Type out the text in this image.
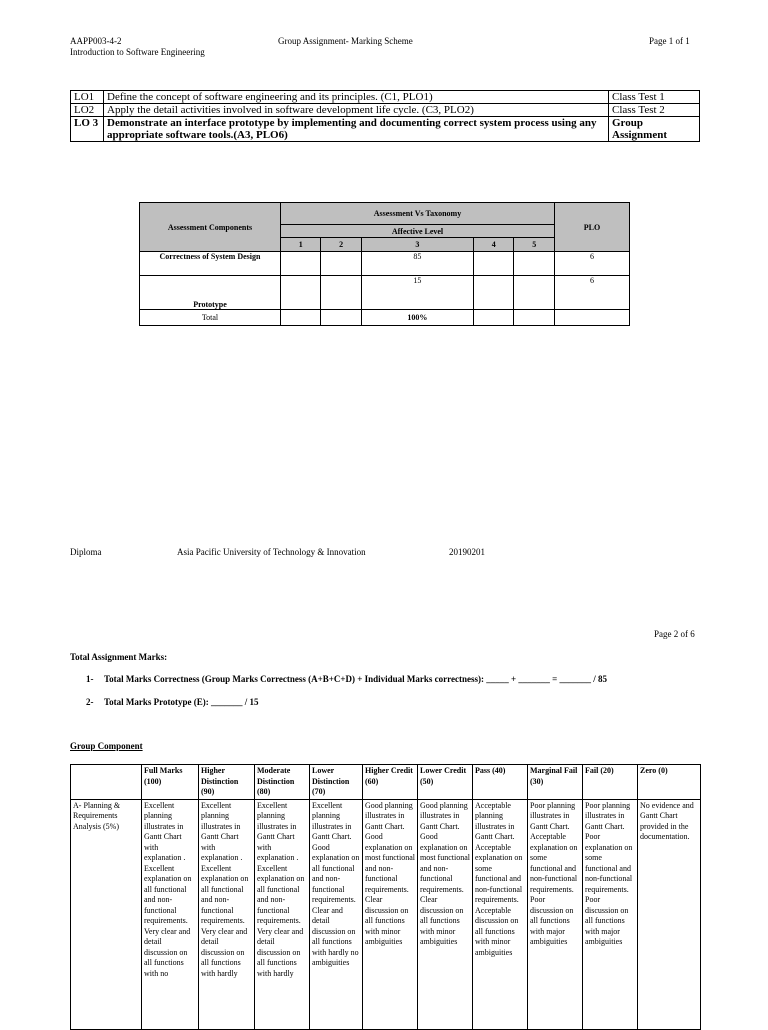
AAPP003-4-2
Introduction to Software Engineering
Group Assignment- Marking Scheme	Page 1 of 1
LO1	Define the concept of software engineering and its principles. (C1, PLO1)	Class Test 1
LO2	Apply the detail activities involved in software development life cycle. (C3, PLO2)	Class Test 2
LO 3	Demonstrate an interface prototype by implementing and documenting correct system process using any appropriate software tools.(A3, PLO6)	Group Assignment
Assessment Components	Assessment Vs Taxonomy					PLO
	Affective Level					
	1	2	3	4	5	
Correctness of System Design			85			6
Prototype			15			6
Total			100%			
Diploma	Asia Pacific University of Technology & Innovation	20190201
Page 2 of 6
Total Assignment Marks:
1- Total Marks Correctness (Group Marks Correctness (A+B+C+D) + Individual Marks correctness): _____ + _______ = _______ / 85
2- Total Marks Prototype (E): _______ / 15
Group Component
	Full Marks (100)	Higher Distinction (90)	Moderate Distinction (80)	Lower Distinction (70)	Higher Credit (60)	Lower Credit (50)	Pass (40)	Marginal Fail (30)	Fail (20)	Zero (0)
A- Planning & Requirements Analysis (5%)	Excellent planning illustrates in Gantt Chart with explanation . Excellent explanation on all functional and non-functional requirements. Very clear and detail discussion on all functions with no	Excellent planning illustrates in Gantt Chart with explanation . Excellent explanation on all functional and non-functional requirements. Very clear and detail discussion on all functions with hardly	Excellent planning illustrates in Gantt Chart with explanation . Excellent explanation on all functional and non-functional requirements. Very clear and detail discussion on all functions with hardly	Excellent planning illustrates in Gantt Chart. Good explanation on all functional and non-functional requirements. Clear and detail discussion on all functions with hardly no ambiguities	Good planning illustrates in Gantt Chart. Good explanation on most functional and non-functional requirements. Clear discussion on all functions with minor ambiguities	Good planning illustrates in Gantt Chart. Good explanation on most functional and non-functional requirements. Clear discussion on all functions with minor ambiguities	Acceptable planning illustrates in Gantt Chart. Acceptable explanation on some functional and non-functional requirements. Acceptable discussion on all functions with minor ambiguities	Poor planning illustrates in Gantt Chart. Acceptable explanation on some functional and non-functional requirements. Poor discussion on all functions with major ambiguities	Poor planning illustrates in Gantt Chart. Poor explanation on some functional and non-functional requirements. Poor discussion on all functions with major ambiguities	No evidence and Gantt Chart provided in the documentation.
